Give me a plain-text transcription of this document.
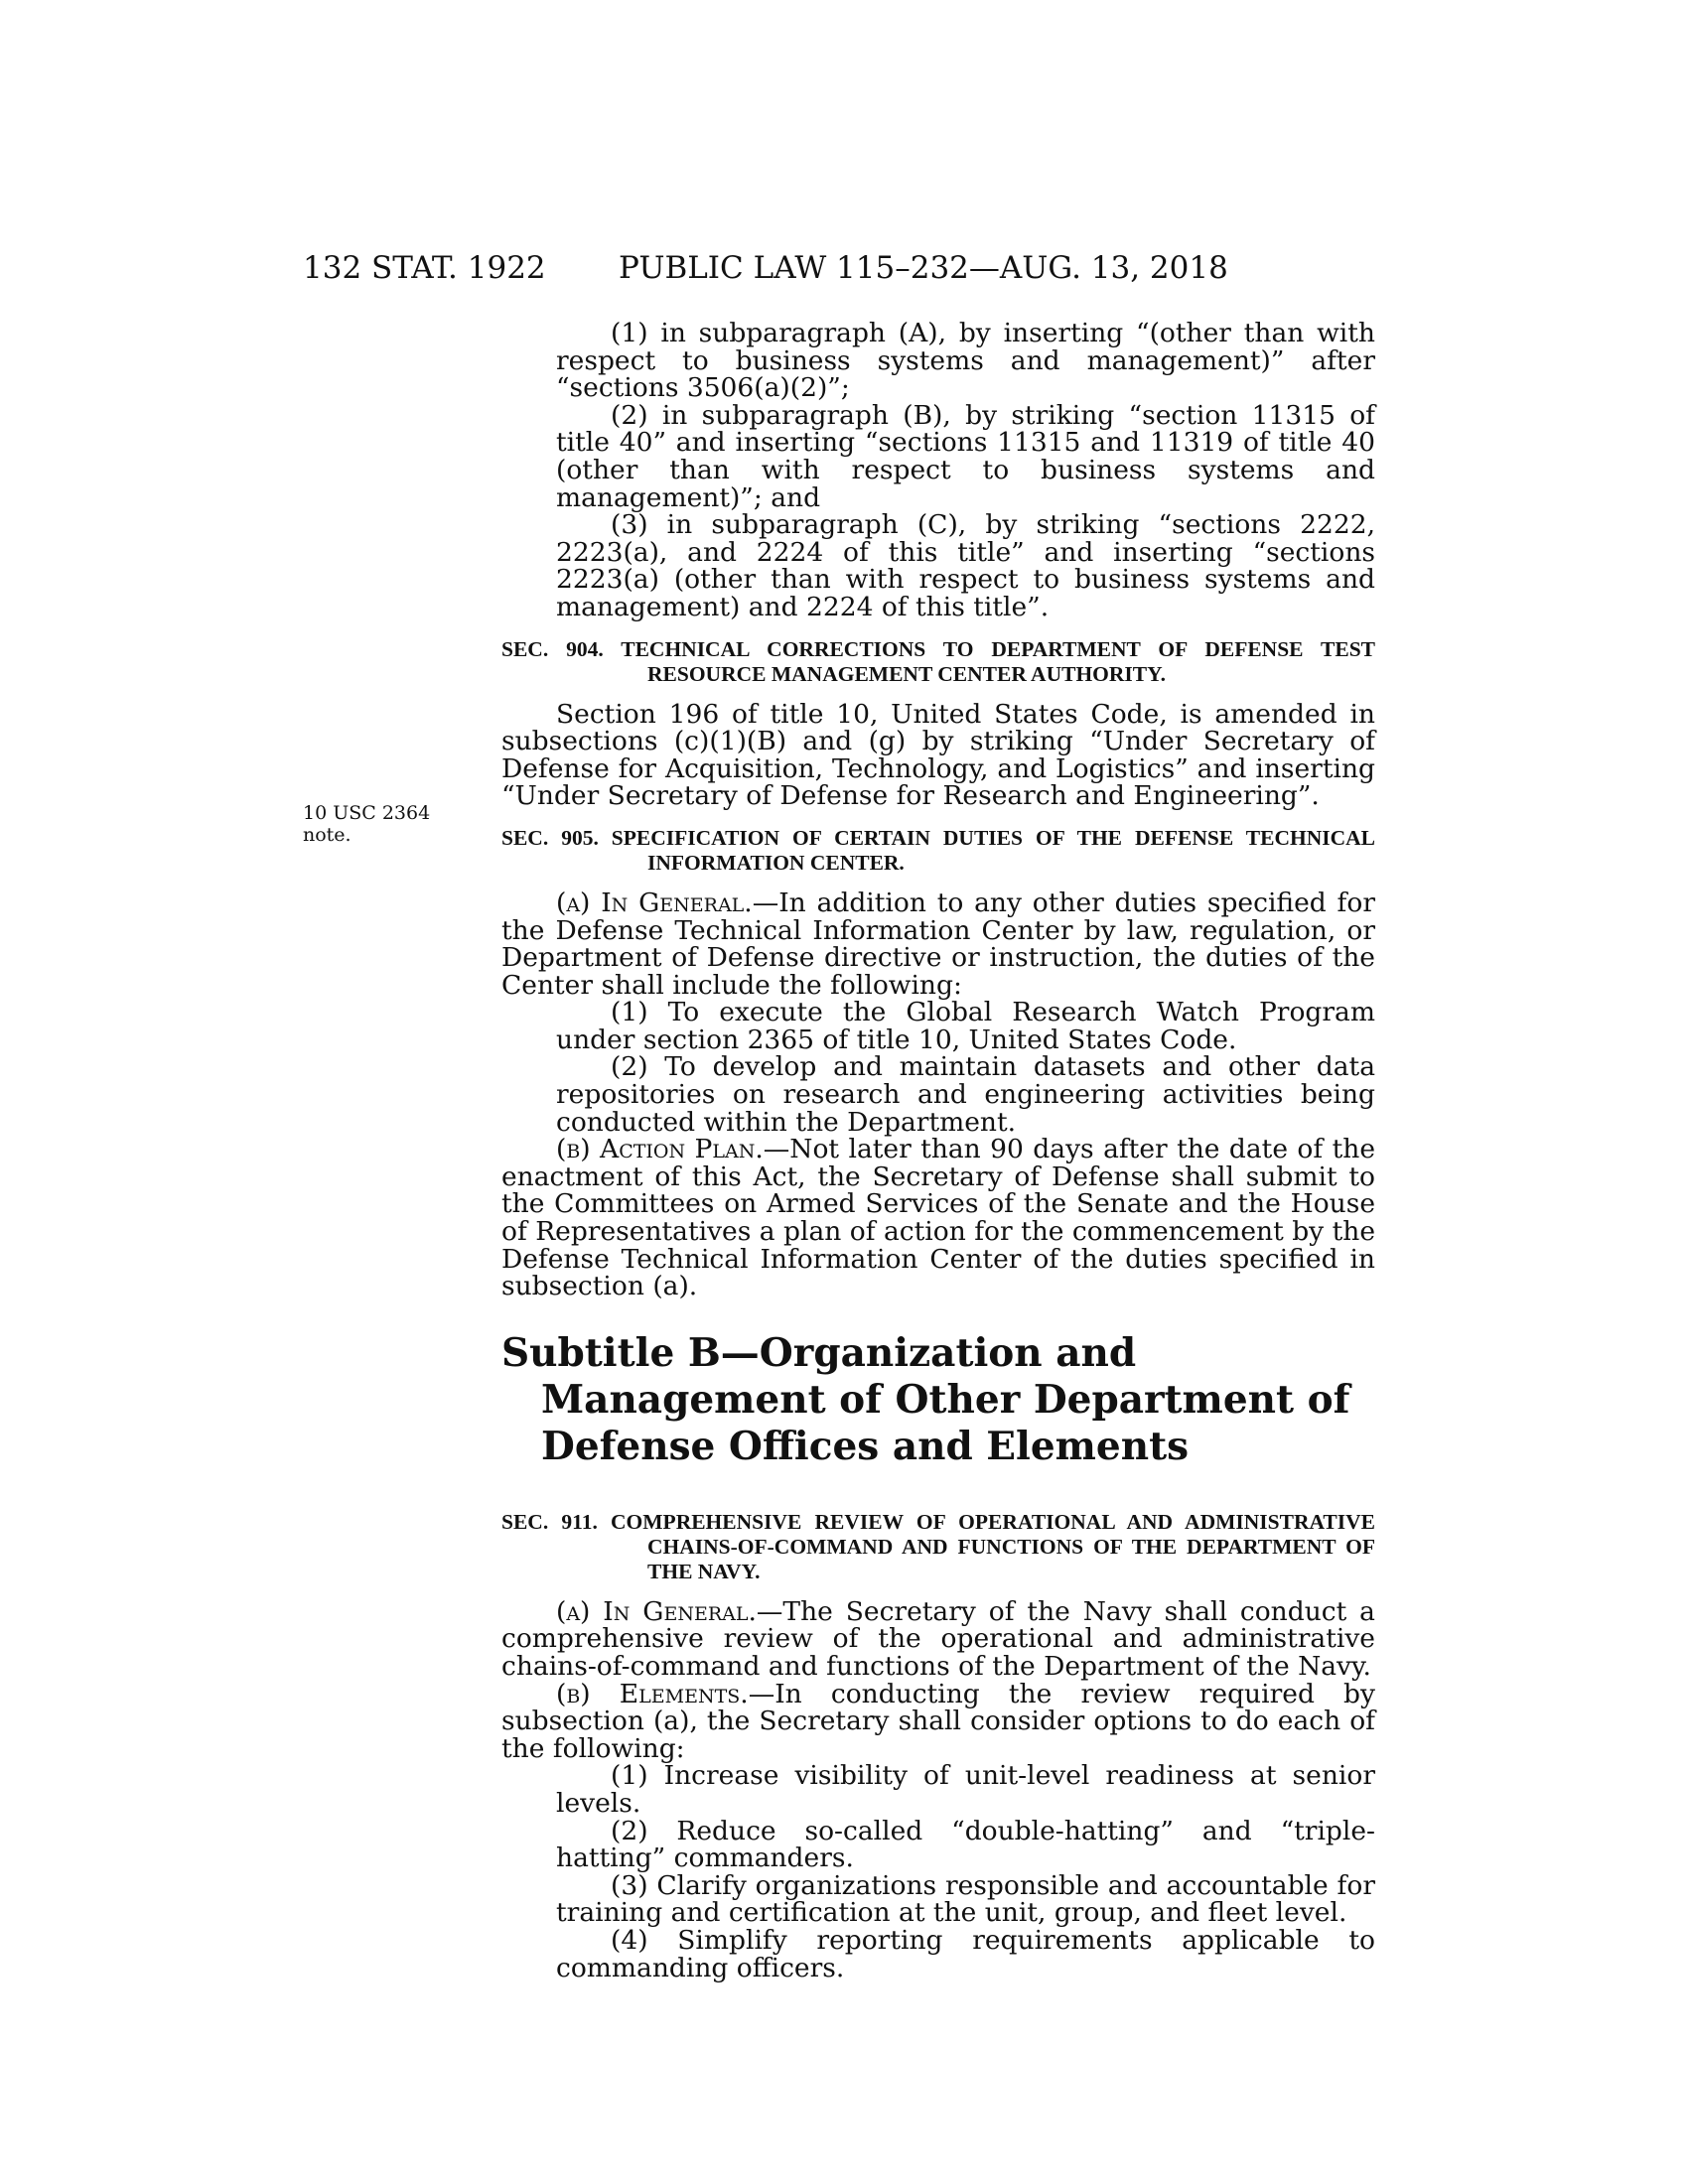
132 STAT. 1922 PUBLIC LAW 115–232—AUG. 13, 2018
10 USC 2364
note.

(1) in subparagraph (A), by inserting “(other than with respect to business systems and management)” after “sections 3506(a)(2)”;

(2) in subparagraph (B), by striking “section 11315 of title 40” and inserting “sections 11315 and 11319 of title 40 (other than with respect to business systems and management)”; and

(3) in subparagraph (C), by striking “sections 2222, 2223(a), and 2224 of this title” and inserting “sections 2223(a) (other than with respect to business systems and management) and 2224 of this title”.

SEC. 904. TECHNICAL CORRECTIONS TO DEPARTMENT OF DEFENSE TEST RESOURCE MANAGEMENT CENTER AUTHORITY.

Section 196 of title 10, United States Code, is amended in subsections (c)(1)(B) and (g) by striking “Under Secretary of Defense for Acquisition, Technology, and Logistics” and inserting “Under Secretary of Defense for Research and Engineering”.

SEC. 905. SPECIFICATION OF CERTAIN DUTIES OF THE DEFENSE TECHNICAL INFORMATION CENTER.

(a) In General.—In addition to any other duties specified for the Defense Technical Information Center by law, regulation, or Department of Defense directive or instruction, the duties of the Center shall include the following:

(1) To execute the Global Research Watch Program under section 2365 of title 10, United States Code.

(2) To develop and maintain datasets and other data repositories on research and engineering activities being conducted within the Department.

(b) Action Plan.—Not later than 90 days after the date of the enactment of this Act, the Secretary of Defense shall submit to the Committees on Armed Services of the Senate and the House of Representatives a plan of action for the commencement by the Defense Technical Information Center of the duties specified in subsection (a).

Subtitle B—Organization and Management of Other Department of Defense Offices and Elements

SEC. 911. COMPREHENSIVE REVIEW OF OPERATIONAL AND ADMINISTRATIVE CHAINS-OF-COMMAND AND FUNCTIONS OF THE DEPARTMENT OF THE NAVY.

(a) In General.—The Secretary of the Navy shall conduct a comprehensive review of the operational and administrative chains-of-command and functions of the Department of the Navy.

(b) Elements.—In conducting the review required by subsection (a), the Secretary shall consider options to do each of the following:

(1) Increase visibility of unit-level readiness at senior levels.

(2) Reduce so-called “double-hatting” and “triple-hatting” commanders.

(3) Clarify organizations responsible and accountable for training and certification at the unit, group, and fleet level.

(4) Simplify reporting requirements applicable to commanding officers.
